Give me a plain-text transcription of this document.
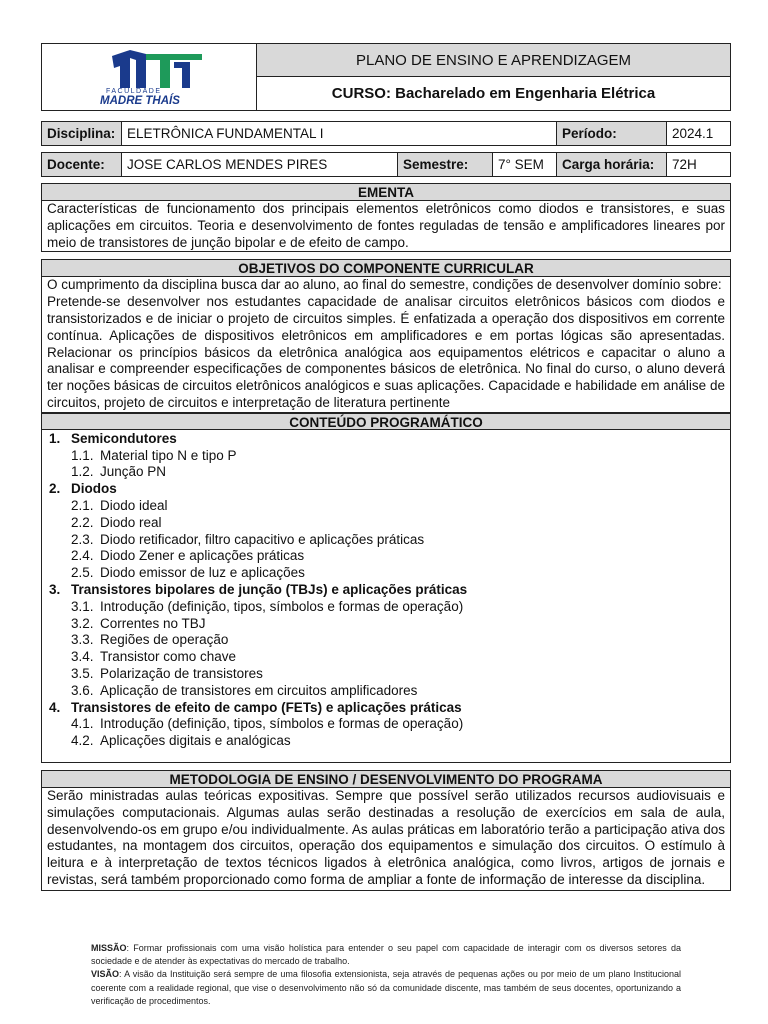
FACULDADE
MADRE THAÍS
PLANO DE ENSINO E APRENDIZAGEM
CURSO: Bacharelado em Engenharia Elétrica
Disciplina: ELETRÔNICA FUNDAMENTAL I	Período:	2024.1
Docente:	JOSE CARLOS MENDES PIRES	Semestre:	7° SEM	Carga horária:	72H
EMENTA
Características de funcionamento dos principais elementos eletrônicos como diodos e transistores, e suas aplicações em circuitos. Teoria e desenvolvimento de fontes reguladas de tensão e amplificadores lineares por meio de transistores de junção bipolar e de efeito de campo.
OBJETIVOS DO COMPONENTE CURRICULAR
O cumprimento da disciplina busca dar ao aluno, ao final do semestre, condições de desenvolver domínio sobre:
Pretende-se desenvolver nos estudantes capacidade de analisar circuitos eletrônicos básicos com diodos e transistorizados e de iniciar o projeto de circuitos simples. É enfatizada a operação dos dispositivos em corrente contínua. Aplicações de dispositivos eletrônicos em amplificadores e em portas lógicas são apresentadas. Relacionar os princípios básicos da eletrônica analógica aos equipamentos elétricos e capacitar o aluno a analisar e compreender especificações de componentes básicos de eletrônica. No final do curso, o aluno deverá ter noções básicas de circuitos eletrônicos analógicos e suas aplicações. Capacidade e habilidade em análise de circuitos, projeto de circuitos e interpretação de literatura pertinente
CONTEÚDO PROGRAMÁTICO
1. Semicondutores
1.1. Material tipo N e tipo P
1.2. Junção PN
2. Diodos
2.1. Diodo ideal
2.2. Diodo real
2.3. Diodo retificador, filtro capacitivo e aplicações práticas
2.4. Diodo Zener e aplicações práticas
2.5. Diodo emissor de luz e aplicações
3. Transistores bipolares de junção (TBJs) e aplicações práticas
3.1. Introdução (definição, tipos, símbolos e formas de operação)
3.2. Correntes no TBJ
3.3. Regiões de operação
3.4. Transistor como chave
3.5. Polarização de transistores
3.6. Aplicação de transistores em circuitos amplificadores
4. Transistores de efeito de campo (FETs) e aplicações práticas
4.1. Introdução (definição, tipos, símbolos e formas de operação)
4.2. Aplicações digitais e analógicas
METODOLOGIA DE ENSINO / DESENVOLVIMENTO DO PROGRAMA
Serão ministradas aulas teóricas expositivas. Sempre que possível serão utilizados recursos audiovisuais e simulações computacionais. Algumas aulas serão destinadas a resolução de exercícios em sala de aula, desenvolvendo-os em grupo e/ou individualmente. As aulas práticas em laboratório terão a participação ativa dos estudantes, na montagem dos circuitos, operação dos equipamentos e simulação dos circuitos. O estímulo à leitura e à interpretação de textos técnicos ligados à eletrônica analógica, como livros, artigos de jornais e revistas, será também proporcionado como forma de ampliar a fonte de informação de interesse da disciplina.
MISSÃO: Formar profissionais com uma visão holística para entender o seu papel com capacidade de interagir com os diversos setores da sociedade e de atender às expectativas do mercado de trabalho.
VISÃO: A visão da Instituição será sempre de uma filosofia extensionista, seja através de pequenas ações ou por meio de um plano Institucional coerente com a realidade regional, que vise o desenvolvimento não só da comunidade discente, mas também de seus docentes, oportunizando a verificação de procedimentos.
